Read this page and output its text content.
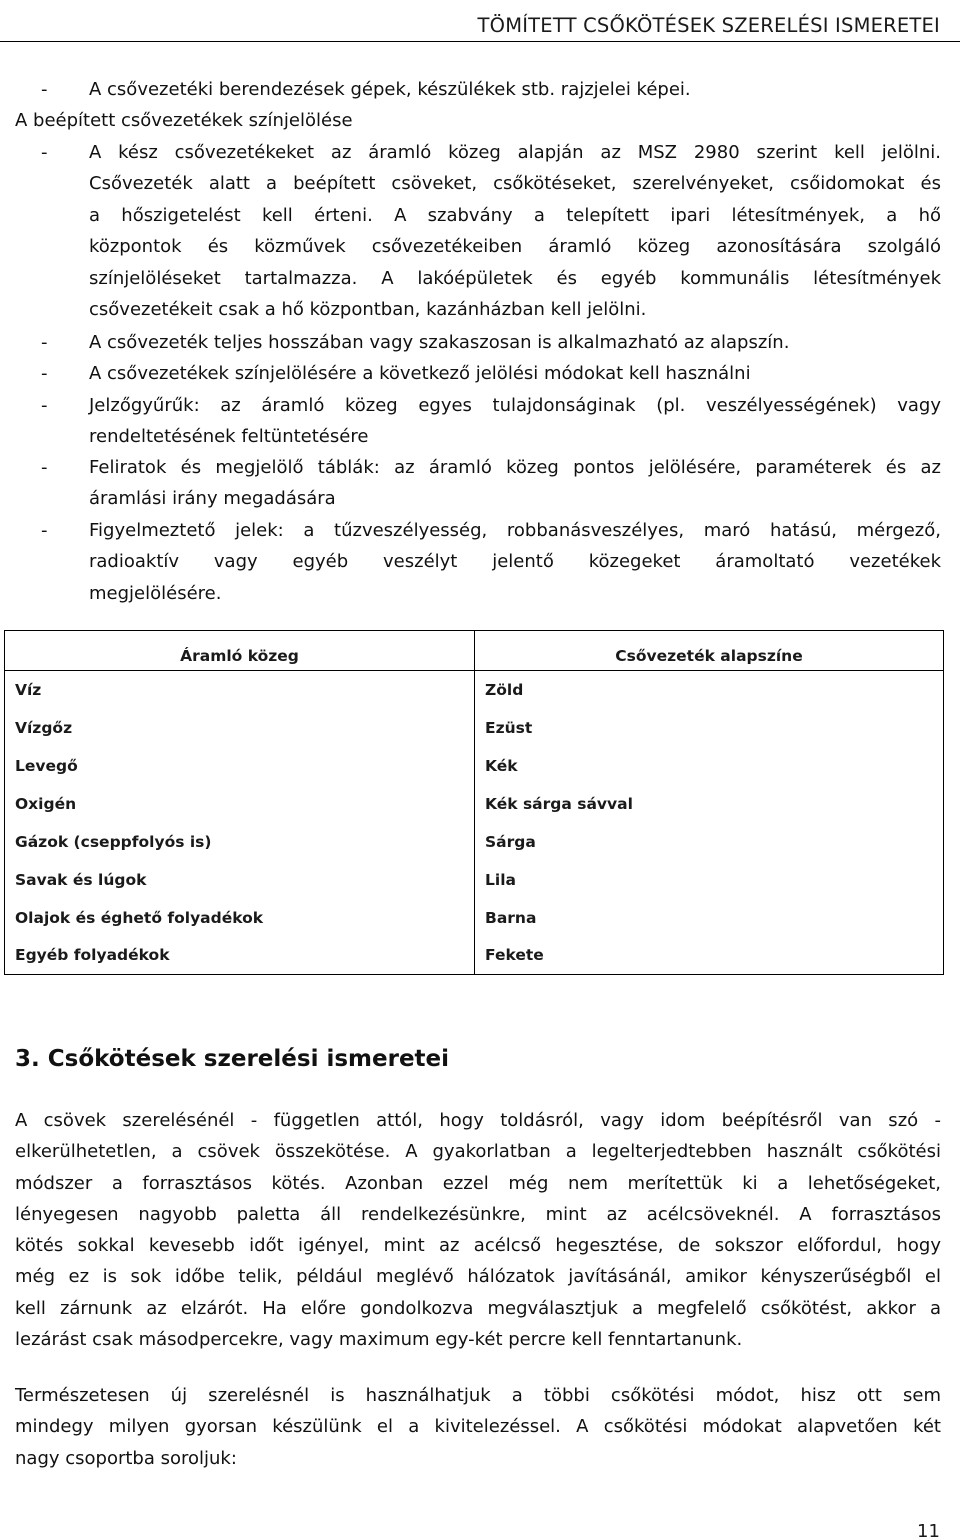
TÖMÍTETT CSŐKÖTÉSEK SZERELÉSI ISMERETEI
- A csővezetéki berendezések gépek, készülékek stb. rajzjelei képei.
A beépített csővezetékek színjelölése
- A kész csővezetékeket az áramló közeg alapján az MSZ 2980 szerint kell jelölni.
Csővezeték alatt a beépített csöveket, csőkötéseket, szerelvényeket, csőidomokat és
a hőszigetelést kell érteni. A szabvány a telepített ipari létesítmények, a hő
központok és közművek csővezetékeiben áramló közeg azonosítására szolgáló
színjelöléseket tartalmazza. A lakóépületek és egyéb kommunális létesítmények
csővezetékeit csak a hő központban, kazánházban kell jelölni.
- A csővezeték teljes hosszában vagy szakaszosan is alkalmazható az alapszín.
- A csővezetékek színjelölésére a következő jelölési módokat kell használni
- Jelzőgyűrűk: az áramló közeg egyes tulajdonságinak (pl. veszélyességének) vagy
rendeltetésének feltüntetésére
- Feliratok és megjelölő táblák: az áramló közeg pontos jelölésére, paraméterek és az
áramlási irány megadására
- Figyelmeztető jelek: a tűzveszélyesség, robbanásveszélyes, maró hatású, mérgező,
radioaktív vagy egyéb veszélyt jelentő közegeket áramoltató vezetékek
megjelölésére.
Áramló közeg	Csővezeték alapszíne
Víz	Zöld
Vízgőz	Ezüst
Levegő	Kék
Oxigén	Kék sárga sávval
Gázok (cseppfolyós is)	Sárga
Savak és lúgok	Lila
Olajok és éghető folyadékok	Barna
Egyéb folyadékok	Fekete
3. Csőkötések szerelési ismeretei
A csövek szerelésénél - független attól, hogy toldásról, vagy idom beépítésről van szó -
elkerülhetetlen, a csövek összekötése. A gyakorlatban a legelterjedtebben használt csőkötési
módszer a forrasztásos kötés. Azonban ezzel még nem merítettük ki a lehetőségeket,
lényegesen nagyobb paletta áll rendelkezésünkre, mint az acélcsöveknél. A forrasztásos
kötés sokkal kevesebb időt igényel, mint az acélcső hegesztése, de sokszor előfordul, hogy
még ez is sok időbe telik, például meglévő hálózatok javításánál, amikor kényszerűségből el
kell zárnunk az elzárót. Ha előre gondolkozva megválasztjuk a megfelelő csőkötést, akkor a
lezárást csak másodpercekre, vagy maximum egy-két percre kell fenntartanunk.
Természetesen új szerelésnél is használhatjuk a többi csőkötési módot, hisz ott sem
mindegy milyen gyorsan készülünk el a kivitelezéssel. A csőkötési módokat alapvetően két
nagy csoportba soroljuk:
11
